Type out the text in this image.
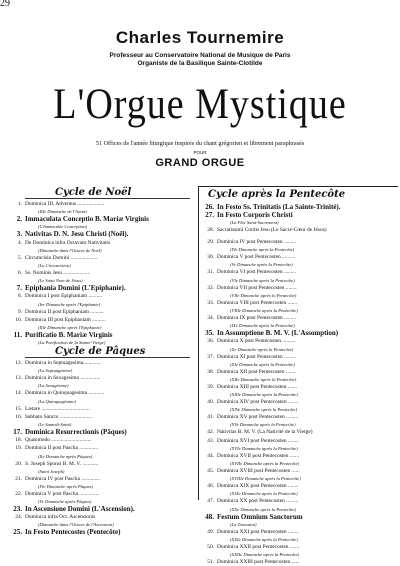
29
Charles Tournemire
Professeur au Conservatoire National de Musique de Paris
Organiste de la Basilique Sainte-Clotilde
L'Orgue Mystique
51 Offices de l'année liturgique inspirés du chant grégorien et librement paraphrasés
POUR
GRAND ORGUE
Cycle de Noël
1. Dominica III. Adventus ....................
(IIIe Dimanche de l'Avent)
2. Immaculata Conceptio B. Mariæ Virginis
(L'Immaculée Conception)
3. Nativitas D. N. Jesu Christi (Noël).
4. De Dominica infra Octavam Nativitatis
(Dimanche dans l'Octave de Noël)
5. Circumcisio Domini ....................
(La Circoncision)
6. Ss. Nominis Jesu ....................
(Le Saint Nom de Jésus)
7. Epiphania Domini (L'Epiphanie).
8. Dominica I post Epiphaniam ..........
(Ier Dimanche après l'Epiphanie)
9. Dominica II post Epiphaniam ..........
10. Dominica III post Epiphaniam ..........
(IIIe Dimanche après l'Epiphanie)
11. Purificatio B. Mariæ Virginis
(La Purification de la Sainte-Vierge)
Cycle de Pâques
12. Dominica in Septuagesima.............
(La Septuagésime)
13. Dominica in Sexagesima ...............
(La Sexagésime)
14. Dominica in Quinquagesima ............
(La Quinquagésime)
15. Lætare ....................................
16. Sabbato Sancto ........................
(Le Samedi-Saint)
17. Dominica Resurrectionis (Pâques)
18. Quasimodo ..............................
19. Dominica II post Pascha ..............
(IIe Dimanche après Pâques)
20. S. Joseph Sponsi B. M. V. ............
(Saint Joseph)
21. Dominica IV post Pascha ..............
(IVe Dimanche après Pâques)
22. Dominica V post Pascha ...............
(Ve Dimanche après Pâques)
23. In Ascensione Domini (L'Ascension).
24. Dominica infra Oct. Ascensionis
(Dimanche dans l'Octave de l'Ascension)
25. In Festo Pentecostes (Pentecôte)
Cycle après la Pentecôte
26. In Festo Ss. Trinitatis (La Sainte-Trinité).
27. In Festo Corporis Christi
(La Fête Saint-Sacrement)
28. Sacratissimi Cordis Jesu (Le Sacré-Cœur de Jésus)
29. Dominica IV post Pentecosten .........
(IVe Dimanche après la Pentecôte)
30. Dominica V post Pentecosten ..........
(Ve Dimanche après la Pentecôte)
31. Dominica VI post Pentecosten .........
(VIe Dimanche après la Pentecôte)
32. Dominica VII post Pentecosten ........
(VIIe Dimanche après la Pentecôte)
33. Dominica VIII post Pentecosten .......
(VIIIe Dimanche après la Pentecôte)
34. Dominica IX post Pentecosten .........
(IXe Dimanche après la Pentecôte)
35. In Assumptione B. M. V. (L'Assomption)
36. Dominica X post Pentecosten ..........
(Xe Dimanche après la Pentecôte)
37. Dominica XI post Pentecosten .........
(XIe Dimanche après la Pentecôte)
38. Dominica XII post Pentecosten ........
(XIIe Dimanche après la Pentecôte)
39. Dominica XIII post Pentecosten .......
(XIIIe Dimanche après la Pentecôte)
40. Dominica XIV post Pentecosten ........
(XIVe Dimanche après la Pentecôte)
41. Dominica XV post Pentecosten .........
(XVe Dimanche après la Pentecôte)
42. Nativitas B. M. V. (La Nativité de la Vierge)
43. Dominica XVI post Pentecosten ........
(XVIe Dimanche après la Pentecôte)
44. Dominica XVII post Pentecosten .......
(XVIIe Dimanche après la Pentecôte)
45. Dominica XVIII post Pentecosten ......
(XVIIIe Dimanche après la Pentecôte)
46. Dominica XIX post Pentecosten ........
(XIXe Dimanche après la Pentecôte)
47. Dominica XX post Pentecosten .........
(XXe Dimanche après la Pentecôte)
48. Festum Omnium Sanctorum
(La Toussaint)
49. Dominica XXI post Pentecosten ........
(XXIe Dimanche après la Pentecôte)
50. Dominica XXII post Pentecosten .......
(XXIIe Dimanche après la Pentecôte)
51. Dominica XXIII post Pentecosten ......
